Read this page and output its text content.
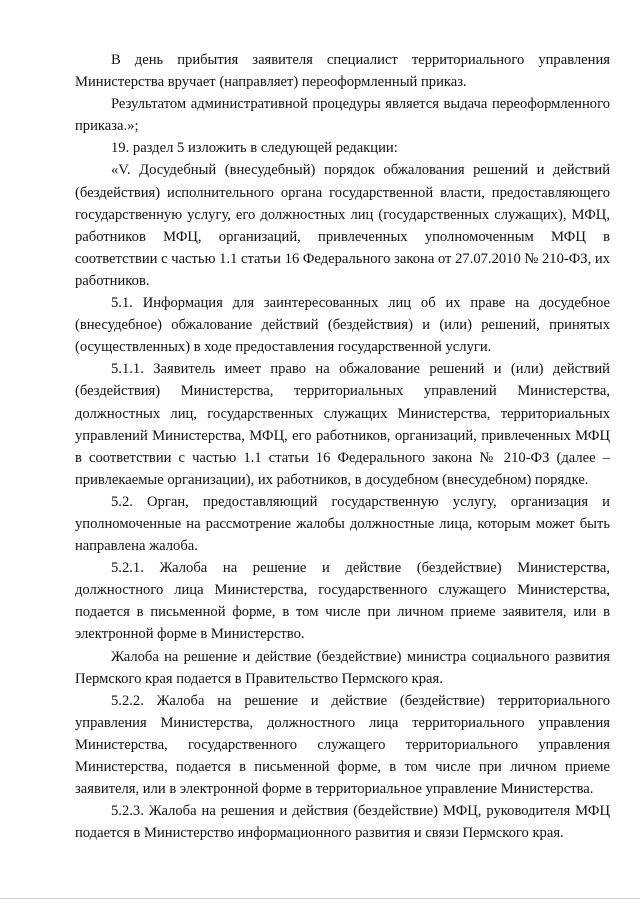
В день прибытия заявителя специалист территориального управления Министерства вручает (направляет) переоформленный приказ.

Результатом административной процедуры является выдача переоформленного приказа.»;

19. раздел 5 изложить в следующей редакции:

«V. Досудебный (внесудебный) порядок обжалования решений и действий (бездействия) исполнительного органа государственной власти, предоставляющего государственную услугу, его должностных лиц (государственных служащих), МФЦ, работников МФЦ, организаций, привлеченных уполномоченным МФЦ в соответствии с частью 1.1 статьи 16 Федерального закона от 27.07.2010 № 210-ФЗ, их работников.

5.1. Информация для заинтересованных лиц об их праве на досудебное (внесудебное) обжалование действий (бездействия) и (или) решений, принятых (осуществленных) в ходе предоставления государственной услуги.

5.1.1. Заявитель имеет право на обжалование решений и (или) действий (бездействия) Министерства, территориальных управлений Министерства, должностных лиц, государственных служащих Министерства, территориальных управлений Министерства, МФЦ, его работников, организаций, привлеченных МФЦ в соответствии с частью 1.1 статьи 16 Федерального закона № 210-ФЗ (далее – привлекаемые организации), их работников, в досудебном (внесудебном) порядке.

5.2. Орган, предоставляющий государственную услугу, организация и уполномоченные на рассмотрение жалобы должностные лица, которым может быть направлена жалоба.

5.2.1. Жалоба на решение и действие (бездействие) Министерства, должностного лица Министерства, государственного служащего Министерства, подается в письменной форме, в том числе при личном приеме заявителя, или в электронной форме в Министерство.

Жалоба на решение и действие (бездействие) министра социального развития Пермского края подается в Правительство Пермского края.

5.2.2. Жалоба на решение и действие (бездействие) территориального управления Министерства, должностного лица территориального управления Министерства, государственного служащего территориального управления Министерства, подается в письменной форме, в том числе при личном приеме заявителя, или в электронной форме в территориальное управление Министерства.

5.2.3. Жалоба на решения и действия (бездействие) МФЦ, руководителя МФЦ подается в Министерство информационного развития и связи Пермского края.
